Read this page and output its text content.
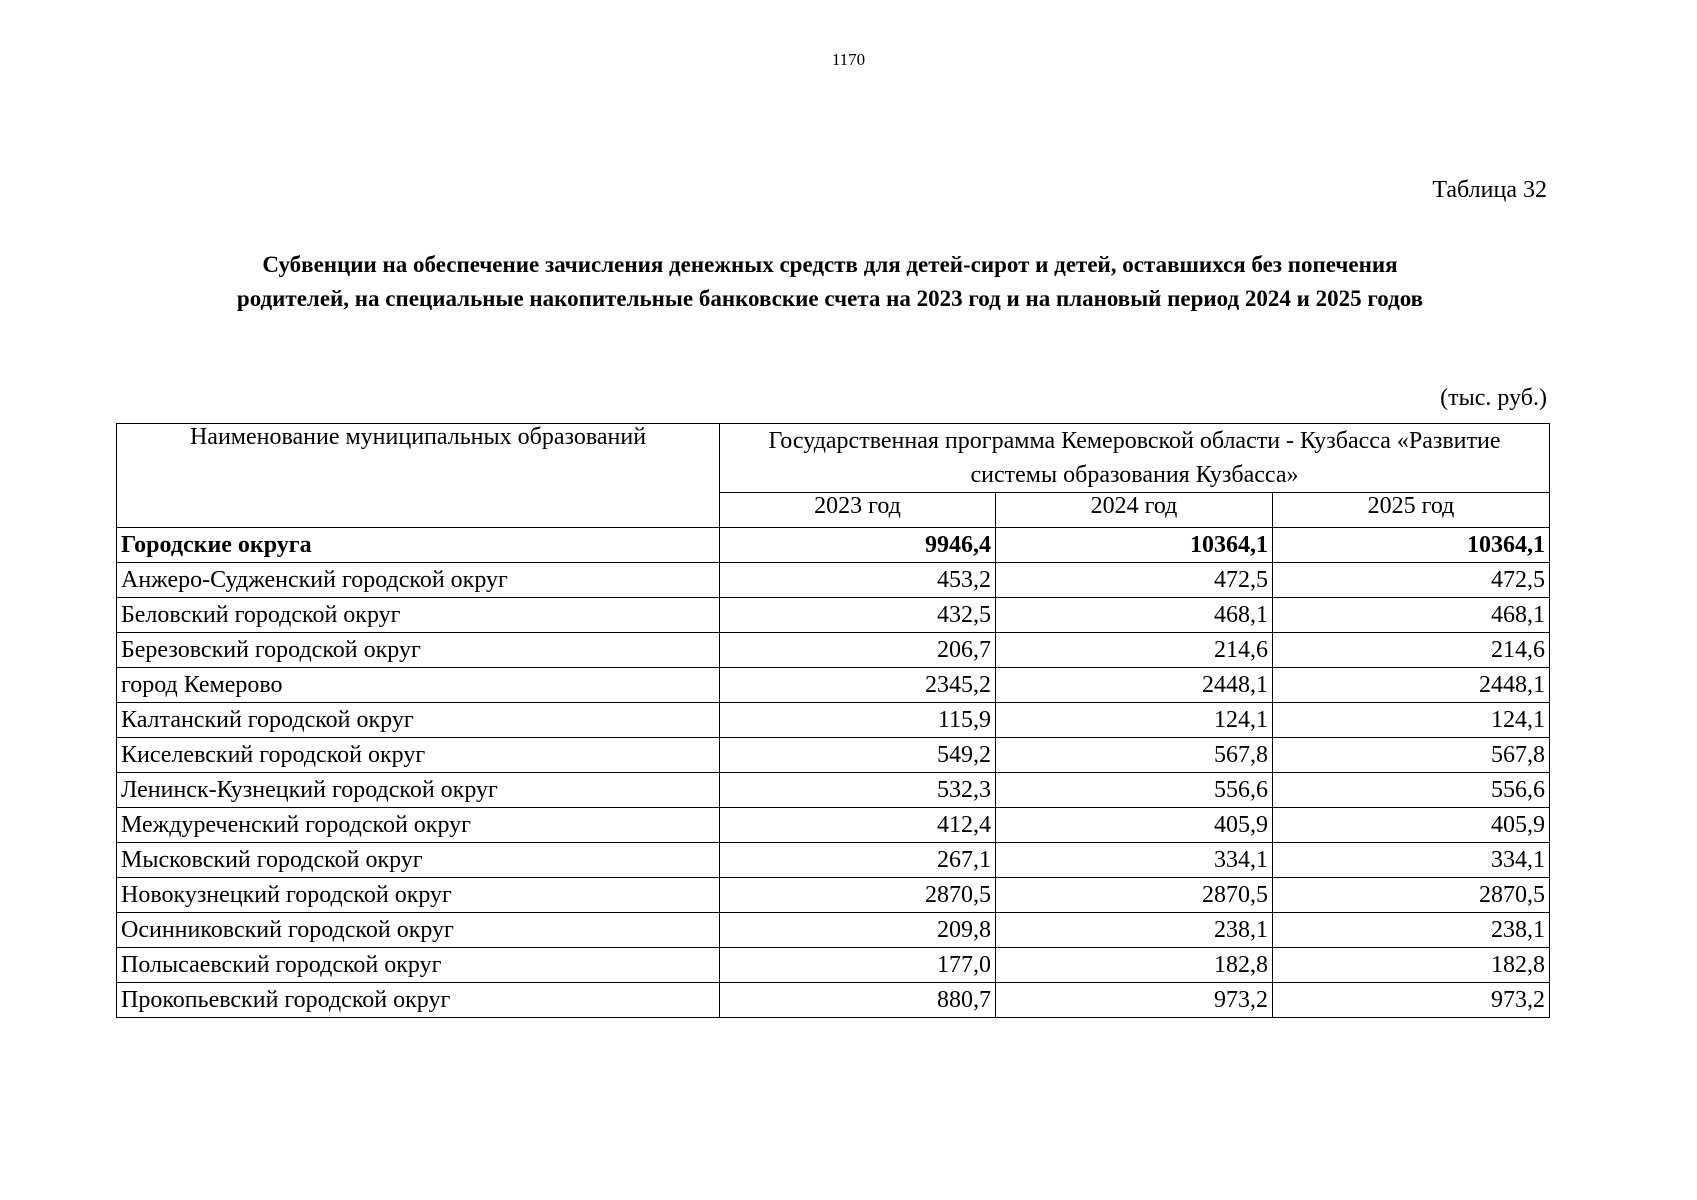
1170
Таблица 32
Субвенции на обеспечение зачисления денежных средств для детей-сирот и детей, оставшихся без попечения
родителей, на специальные накопительные банковские счета на 2023 год и на плановый период 2024 и 2025 годов
(тыс. руб.)
Наименование муниципальных образований	Государственная программа Кемеровской области - Кузбасса «Развитие системы образования Кузбасса»		
	2023 год	2024 год	2025 год
Городские округа	9946,4	10364,1	10364,1
Анжеро-Судженский городской округ	453,2	472,5	472,5
Беловский городской округ	432,5	468,1	468,1
Березовский городской округ	206,7	214,6	214,6
город Кемерово	2345,2	2448,1	2448,1
Калтанский городской округ	115,9	124,1	124,1
Киселевский городской округ	549,2	567,8	567,8
Ленинск-Кузнецкий городской округ	532,3	556,6	556,6
Междуреченский городской округ	412,4	405,9	405,9
Мысковский городской округ	267,1	334,1	334,1
Новокузнецкий городской округ	2870,5	2870,5	2870,5
Осинниковский городской округ	209,8	238,1	238,1
Полысаевский городской округ	177,0	182,8	182,8
Прокопьевский городской округ	880,7	973,2	973,2
